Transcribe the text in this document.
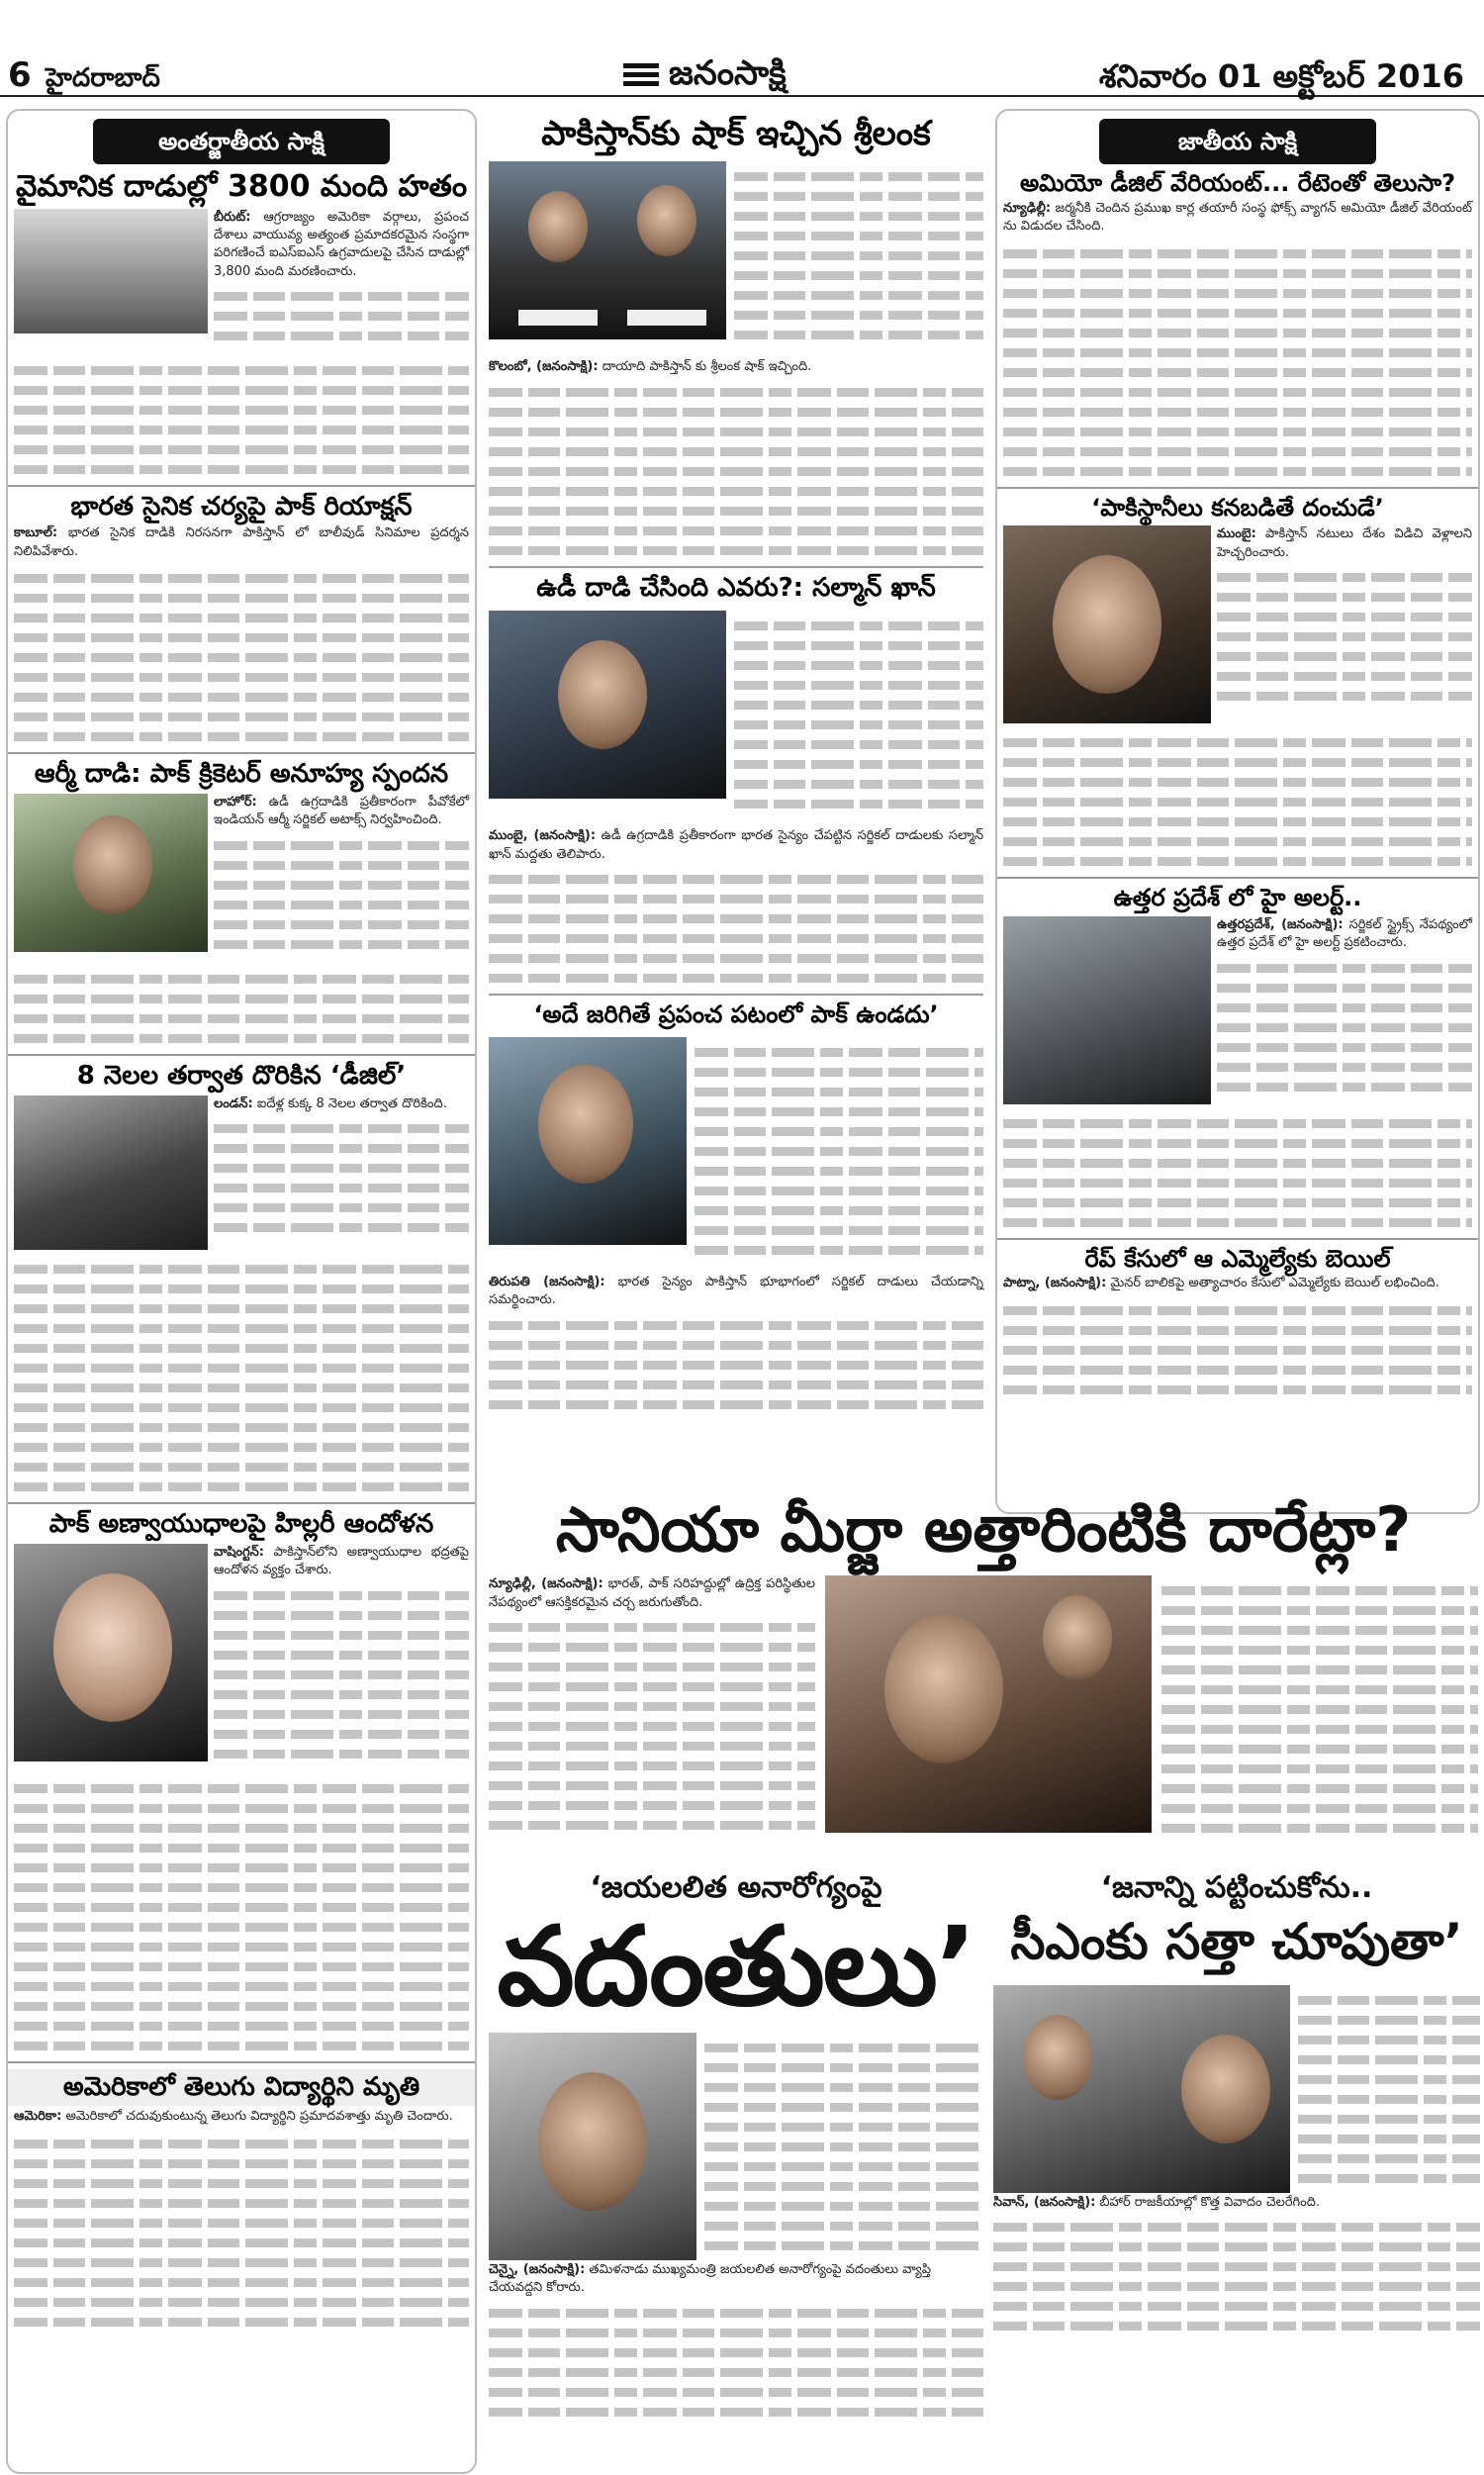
6 హైదరాబాద్	జనంసాక్షి	శనివారం 01 అక్టోబర్ 2016
అంతర్జాతీయ సాక్షి
వైమానిక దాడుల్లో 3800 మంది హతం
బీరుట్: ఆగ్రరాజ్యం అమెరికా వర్గాలు, ప్రపంచ దేశాలు వాయువ్య అత్యంత ప్రమాదకరమైన సంస్థగా పరిగణించే ఐఎస్ఐఎస్ ఉగ్రవాదులపై చేసిన దాడుల్లో 3,800 మంది మరణించారు.
భారత సైనిక చర్యపై పాక్ రియాక్షన్
కాబూల్: భారత సైనిక దాడికి నిరసనగా పాకిస్తాన్ లో బాలీవుడ్ సినిమాల ప్రదర్శన నిలిపివేశారు.
ఆర్మీ దాడి: పాక్ క్రికెటర్ అనూహ్య స్పందన
లాహోర్: ఉడీ ఉగ్రదాడికి ప్రతీకారంగా పీవోకేలో ఇండియన్ ఆర్మీ సర్జికల్ అటాక్స్ నిర్వహించింది.
8 నెలల తర్వాత దొరికిన ‘డీజిల్’
లండన్: ఐదేళ్ల కుక్క 8 నెలల తర్వాత దొరికింది.
పాక్ అణ్వాయుధాలపై హిల్లరీ ఆందోళన
వాషింగ్టన్: పాకిస్తాన్‌లోని అణ్వాయుధాల భద్రతపై ఆందోళన వ్యక్తం చేశారు.
అమెరికాలో తెలుగు విద్యార్థిని మృతి
ఆమెరికా: అమెరికాలో చదువుకుంటున్న తెలుగు విద్యార్థిని ప్రమాదవశాత్తు మృతి చెందారు.
పాకిస్తాన్‌కు షాక్ ఇచ్చిన శ్రీలంక
కొలంబో, (జనంసాక్షి): దాయాది పాకిస్తాన్ కు శ్రీలంక షాక్ ఇచ్చింది.
ఉడీ దాడి చేసింది ఎవరు?: సల్మాన్ ఖాన్
ముంబై, (జనంసాక్షి): ఉడీ ఉగ్రదాడికి ప్రతీకారంగా భారత సైన్యం చేపట్టిన సర్జికల్ దాడులకు సల్మాన్ ఖాన్ మద్దతు తెలిపారు.
‘అదే జరిగితే ప్రపంచ పటంలో పాక్ ఉండదు’
తిరుపతి (జనంసాక్షి): భారత సైన్యం పాకిస్తాన్ భూభాగంలో సర్జికల్ దాడులు చేయడాన్ని సమర్థించారు.
జాతీయ సాక్షి
అమియో డీజిల్ వేరియంట్... రేటెంతో తెలుసా?
న్యూఢిల్లీ: జర్మనీకి చెందిన ప్రముఖ కార్ల తయారీ సంస్థ ఫోక్స్ వ్యాగన్ అమియో డీజిల్ వేరియంట్ ను విడుదల చేసింది.
‘పాకిస్థానీలు కనబడితే దంచుడే’
ముంబై: పాకిస్తాన్ నటులు దేశం విడిచి వెళ్లాలని హెచ్చరించారు.
ఉత్తర ప్రదేశ్ లో హై అలర్ట్..
ఉత్తరప్రదేశ్, (జనంసాక్షి): సర్జికల్ స్ట్రైక్స్ నేపథ్యంలో ఉత్తర ప్రదేశ్ లో హై అలర్ట్ ప్రకటించారు.
రేప్ కేసులో ఆ ఎమ్మెల్యేకు బెయిల్
పాట్నా, (జనంసాక్షి): మైనర్ బాలికపై అత్యాచారం కేసులో ఎమ్మెల్యేకు బెయిల్ లభించింది.
సానియా మీర్జా అత్తారింటికి దారేట్లా?
న్యూఢిల్లీ, (జనంసాక్షి): భారత్, పాక్ సరిహద్దుల్లో ఉద్రిక్త పరిస్థితుల నేపథ్యంలో ఆసక్తికరమైన చర్చ జరుగుతోంది.
‘జయలలిత అనారోగ్యంపై
వదంతులు’
చెన్నై, (జనంసాక్షి): తమిళనాడు ముఖ్యమంత్రి జయలలిత అనారోగ్యంపై వదంతులు వ్యాప్తి చేయవద్దని కోరారు.
‘జనాన్ని పట్టించుకోను..
సీఎంకు సత్తా చూపుతా’
సివాన్, (జనంసాక్షి): బీహార్ రాజకీయాల్లో కొత్త వివాదం చెలరేగింది.
